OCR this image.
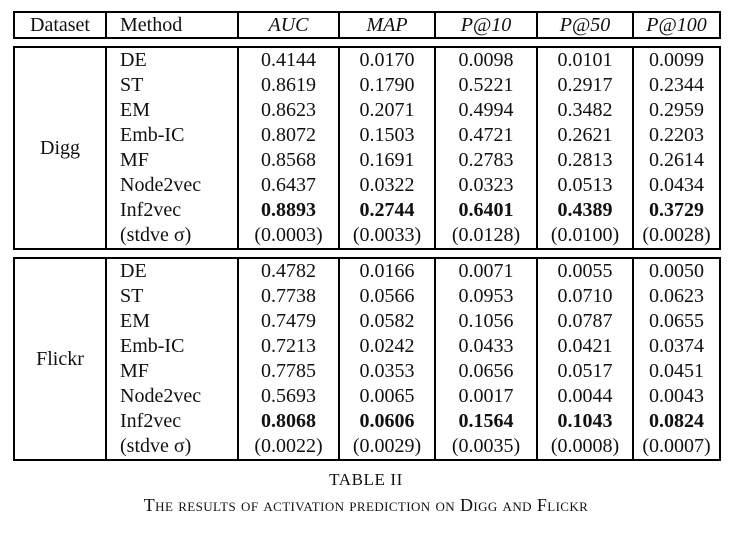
Dataset	Method	AUC	MAP	P@10	P@50	P@100
Digg	DE	0.4144	0.0170	0.0098	0.0101	0.0099
	ST	0.8619	0.1790	0.5221	0.2917	0.2344
	EM	0.8623	0.2071	0.4994	0.3482	0.2959
	Emb-IC	0.8072	0.1503	0.4721	0.2621	0.2203
	MF	0.8568	0.1691	0.2783	0.2813	0.2614
	Node2vec	0.6437	0.0322	0.0323	0.0513	0.0434
	Inf2vec	0.8893	0.2744	0.6401	0.4389	0.3729
	(stdve σ)	(0.0003)	(0.0033)	(0.0128)	(0.0100)	(0.0028)
Flickr	DE	0.4782	0.0166	0.0071	0.0055	0.0050
	ST	0.7738	0.0566	0.0953	0.0710	0.0623
	EM	0.7479	0.0582	0.1056	0.0787	0.0655
	Emb-IC	0.7213	0.0242	0.0433	0.0421	0.0374
	MF	0.7785	0.0353	0.0656	0.0517	0.0451
	Node2vec	0.5693	0.0065	0.0017	0.0044	0.0043
	Inf2vec	0.8068	0.0606	0.1564	0.1043	0.0824
	(stdve σ)	(0.0022)	(0.0029)	(0.0035)	(0.0008)	(0.0007)
TABLE II
The results of activation prediction on Digg and Flickr
